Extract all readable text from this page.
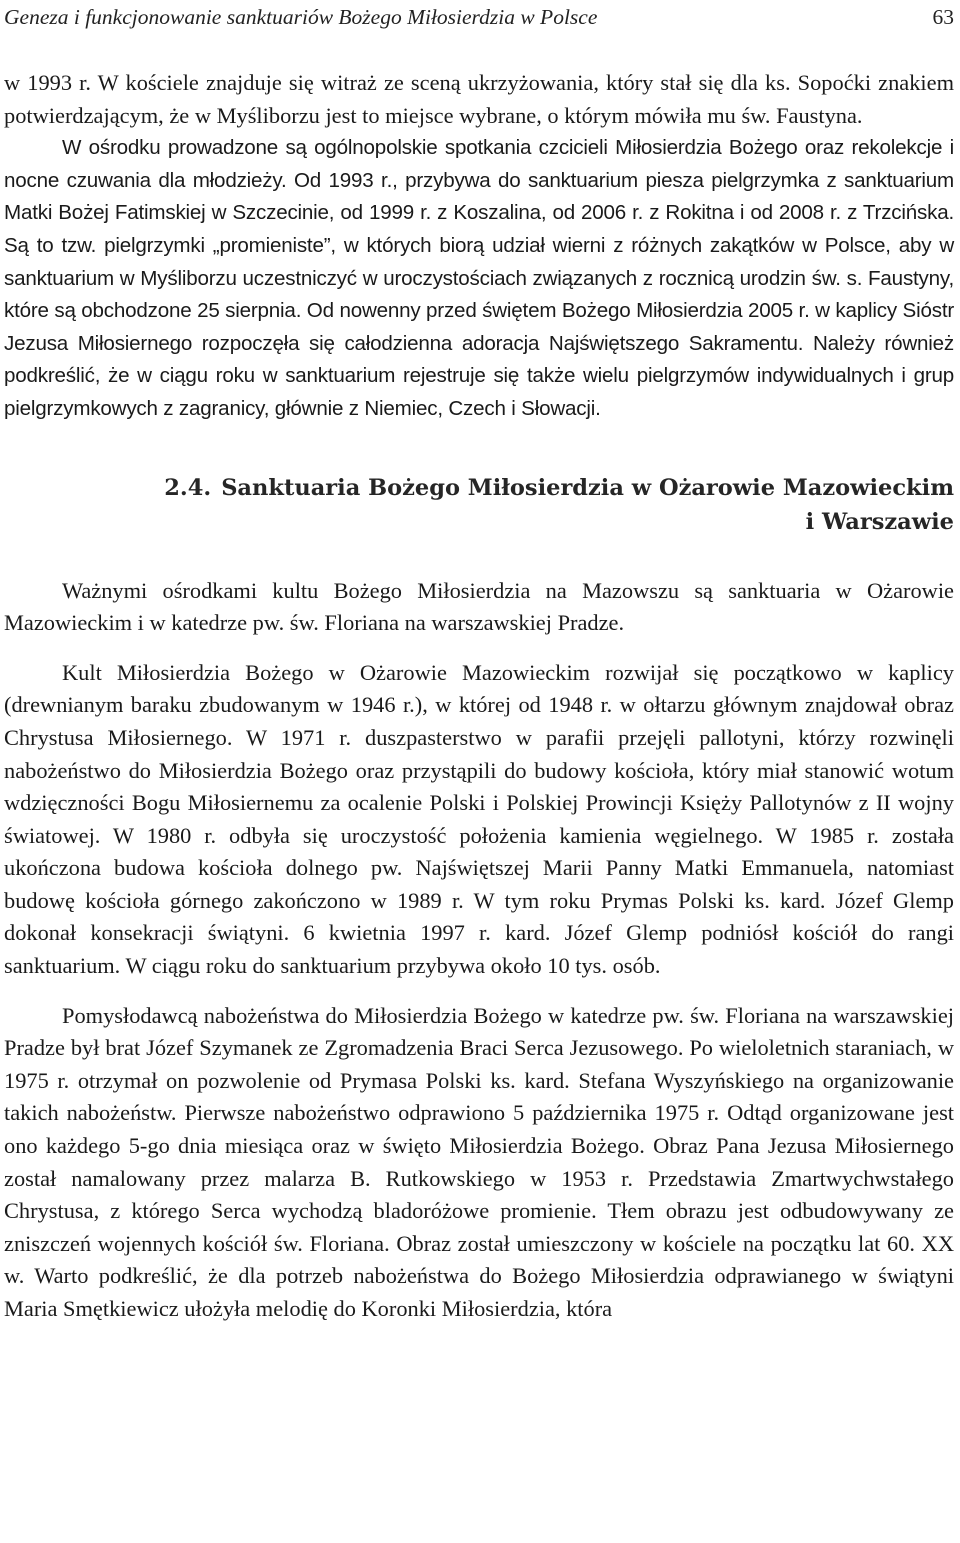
Geneza i funkcjonowanie sanktuariów Bożego Miłosierdzia w Polsce	63

w 1993 r. W kościele znajduje się witraż ze sceną ukrzyżowania, który stał się dla ks. Sopoćki znakiem potwierdzającym, że w Myśliborzu jest to miejsce wybrane, o którym mówiła mu św. Faustyna.

W ośrodku prowadzone są ogólnopolskie spotkania czcicieli Miłosierdzia Bożego oraz rekolekcje i nocne czuwania dla młodzieży. Od 1993 r., przybywa do sanktuarium piesza pielgrzymka z sanktuarium Matki Bożej Fatimskiej w Szczecinie, od 1999 r. z Koszalina, od 2006 r. z Rokitna i od 2008 r. z Trzcińska. Są to tzw. pielgrzymki „promieniste”, w których biorą udział wierni z różnych zakątków w Polsce, aby w sanktuarium w Myśliborzu uczestniczyć w uroczystościach związanych z rocznicą urodzin św. s. Faustyny, które są obchodzone 25 sierpnia. Od nowenny przed świętem Bożego Miłosierdzia 2005 r. w kaplicy Sióstr Jezusa Miłosiernego rozpoczęła się całodzienna adoracja Najświętszego Sakramentu. Należy również podkreślić, że w ciągu roku w sanktuarium rejestruje się także wielu pielgrzymów indywidualnych i grup pielgrzymkowych z zagranicy, głównie z Niemiec, Czech i Słowacji.

2.4. Sanktuaria Bożego Miłosierdzia w Ożarowie Mazowieckim
i Warszawie

Ważnymi ośrodkami kultu Bożego Miłosierdzia na Mazowszu są sanktuaria w Ożarowie Mazowieckim i w katedrze pw. św. Floriana na warszawskiej Pradze.

Kult Miłosierdzia Bożego w Ożarowie Mazowieckim rozwijał się początkowo w kaplicy (drewnianym baraku zbudowanym w 1946 r.), w której od 1948 r. w ołtarzu głównym znajdował obraz Chrystusa Miłosiernego. W 1971 r. duszpasterstwo w parafii przejęli pallotyni, którzy rozwinęli nabożeństwo do Miłosierdzia Bożego oraz przystąpili do budowy kościoła, który miał stanowić wotum wdzięczności Bogu Miłosiernemu za ocalenie Polski i Polskiej Prowincji Księży Pallotynów z II wojny światowej. W 1980 r. odbyła się uroczystość położenia kamienia węgielnego. W 1985 r. została ukończona budowa kościoła dolnego pw. Najświętszej Marii Panny Matki Emmanuela, natomiast budowę kościoła górnego zakończono w 1989 r. W tym roku Prymas Polski ks. kard. Józef Glemp dokonał konsekracji świątyni. 6 kwietnia 1997 r. kard. Józef Glemp podniósł kościół do rangi sanktuarium. W ciągu roku do sanktuarium przybywa około 10 tys. osób.

Pomysłodawcą nabożeństwa do Miłosierdzia Bożego w katedrze pw. św. Floriana na warszawskiej Pradze był brat Józef Szymanek ze Zgromadzenia Braci Serca Jezusowego. Po wieloletnich staraniach, w 1975 r. otrzymał on pozwolenie od Prymasa Polski ks. kard. Stefana Wyszyńskiego na organizowanie takich nabożeństw. Pierwsze nabożeństwo odprawiono 5 października 1975 r. Odtąd organizowane jest ono każdego 5-go dnia miesiąca oraz w święto Miłosierdzia Bożego. Obraz Pana Jezusa Miłosiernego został namalowany przez malarza B. Rutkowskiego w 1953 r. Przedstawia Zmartwychwstałego Chrystusa, z którego Serca wychodzą bladoróżowe promienie. Tłem obrazu jest odbudowywany ze zniszczeń wojennych kościół św. Floriana. Obraz został umieszczony w kościele na początku lat 60. XX w. Warto podkreślić, że dla potrzeb nabożeństwa do Bożego Miłosierdzia odprawianego w świątyni Maria Smętkiewicz ułożyła melodię do Koronki Miłosierdzia, która
